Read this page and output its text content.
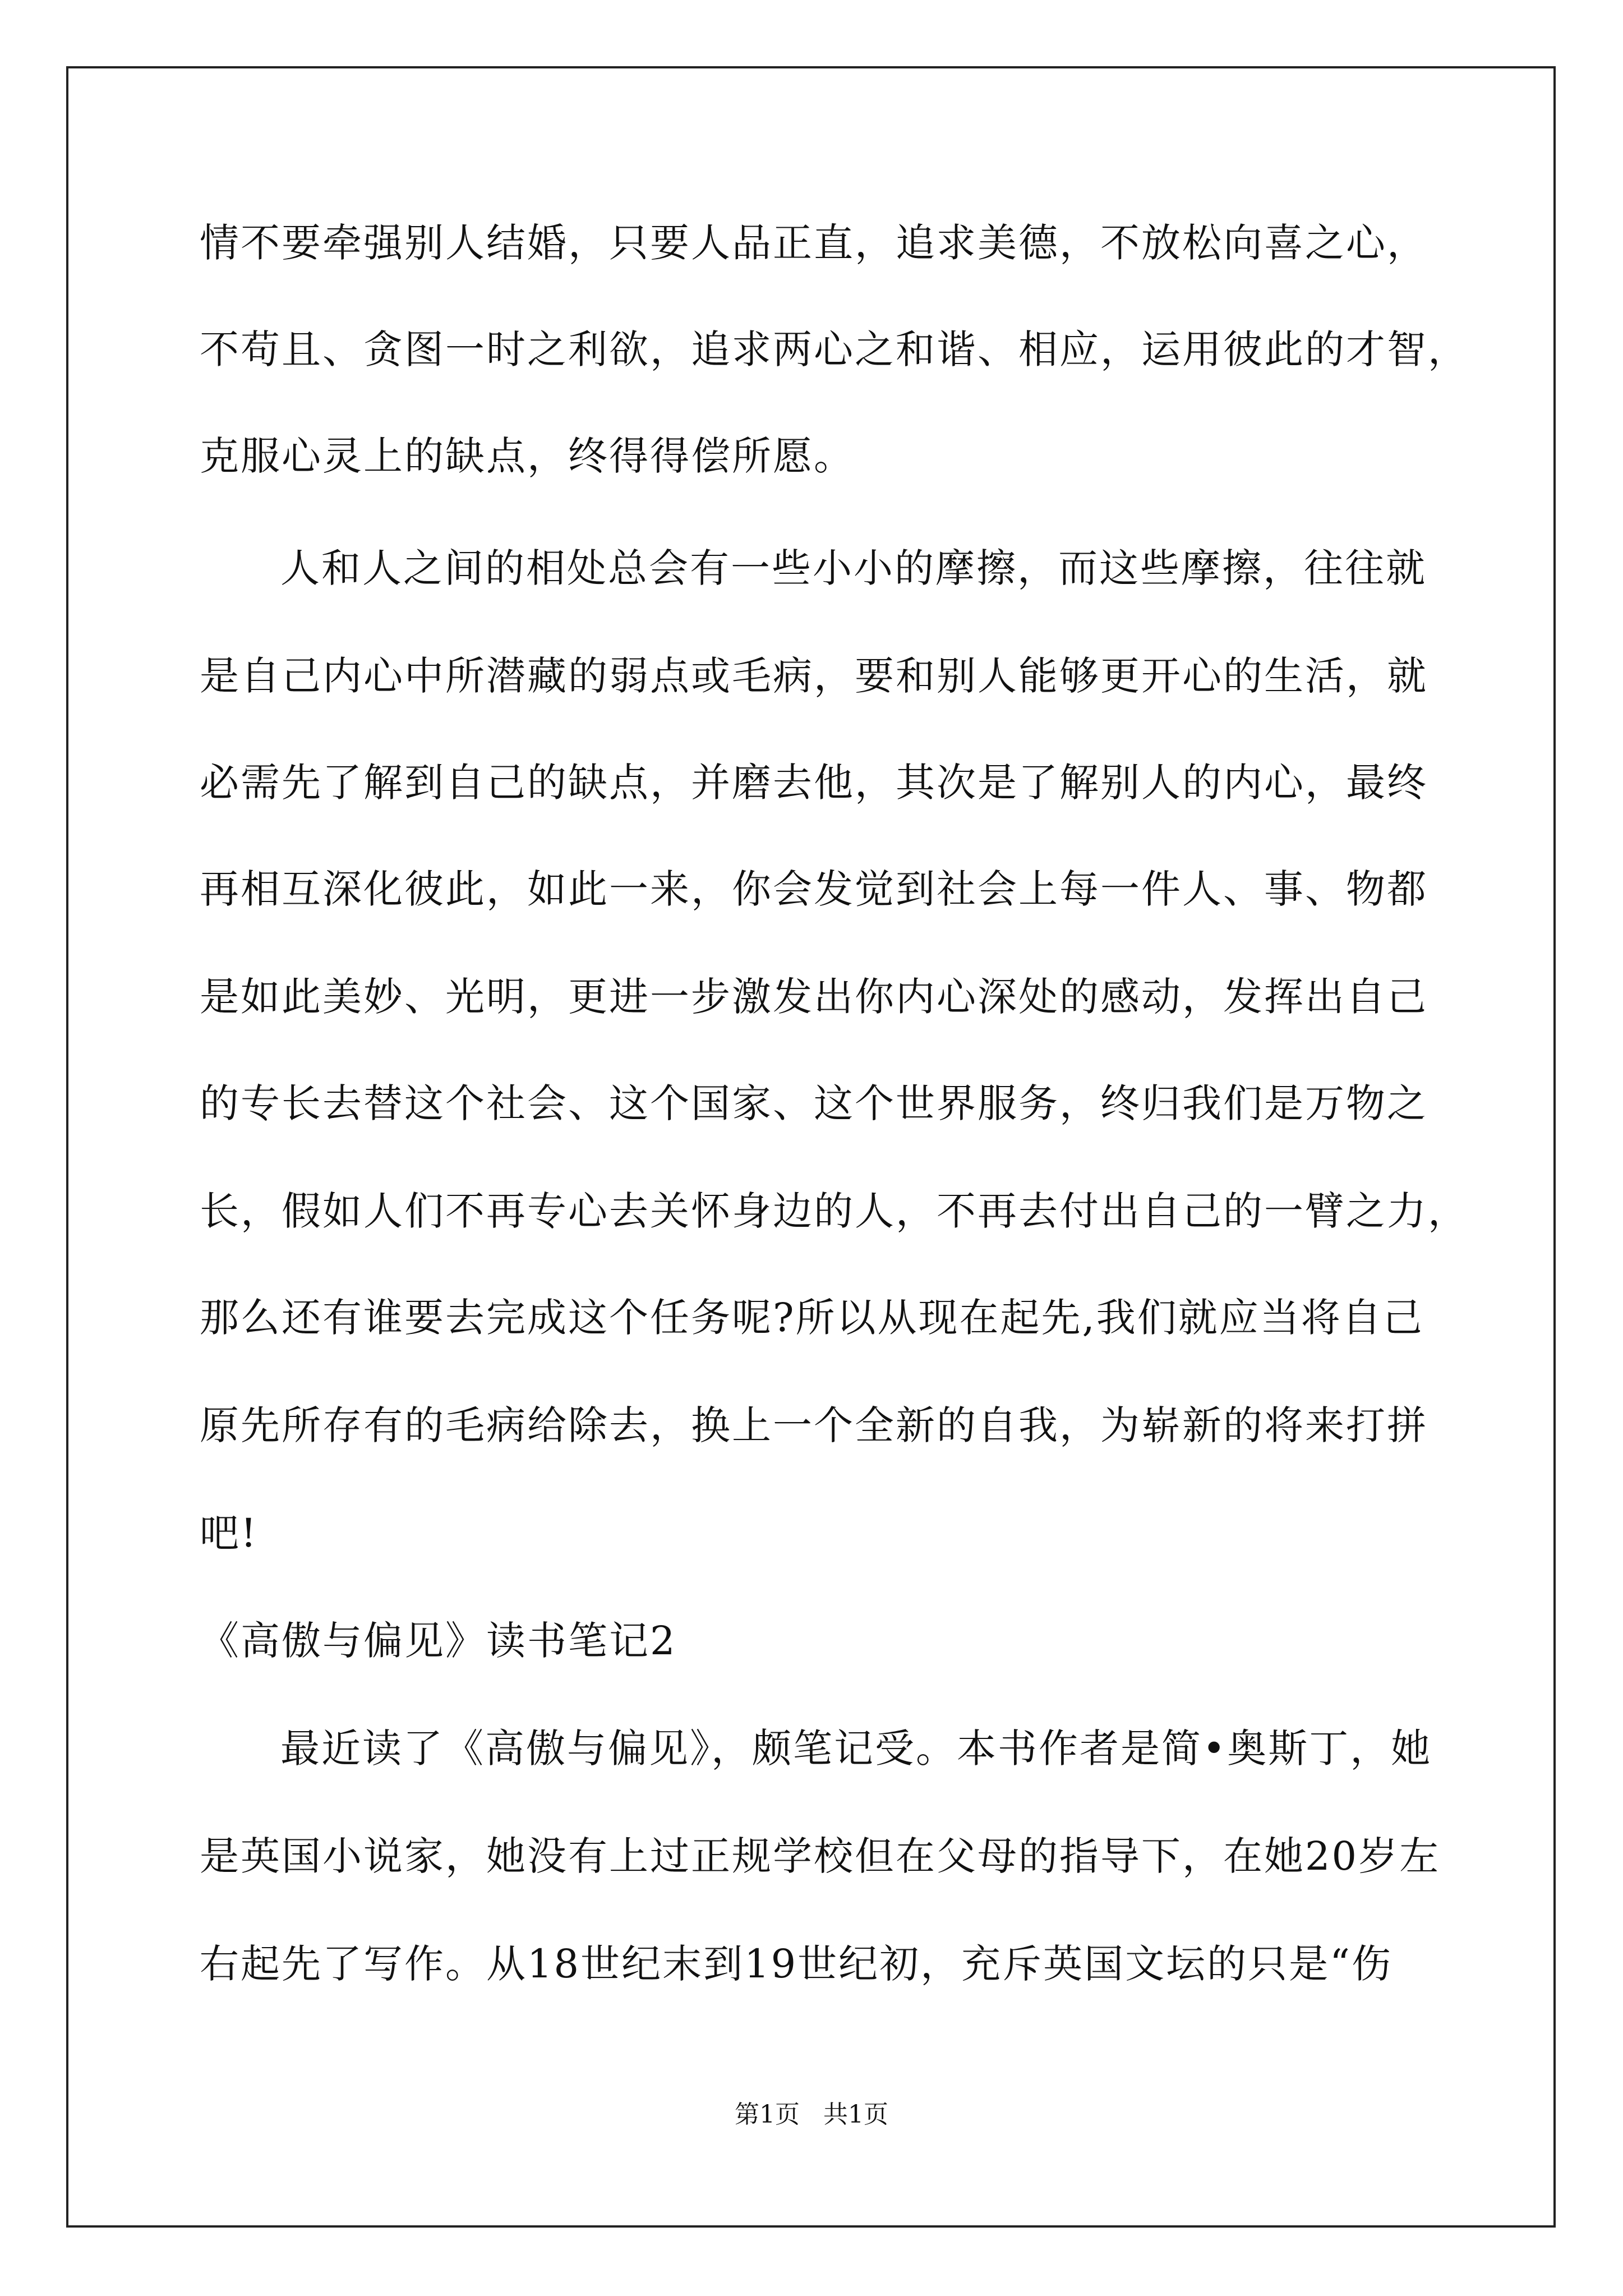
情不要牵强别人结婚，只要人品正直，追求美德，不放松向喜之心，
不苟且、贪图一时之利欲，追求两心之和谐、相应，运用彼此的才智，
克服心灵上的缺点，终得得偿所愿。
人和人之间的相处总会有一些小小的摩擦，而这些摩擦，往往就
是自己内心中所潜藏的弱点或毛病，要和别人能够更开心的生活，就
必需先了解到自己的缺点，并磨去他，其次是了解别人的内心，最终
再相互深化彼此，如此一来，你会发觉到社会上每一件人、事、物都
是如此美妙、光明，更进一步激发出你内心深处的感动，发挥出自己
的专长去替这个社会、这个国家、这个世界服务，终归我们是万物之
长，假如人们不再专心去关怀身边的人，不再去付出自己的一臂之力，
那么还有谁要去完成这个任务呢?所以从现在起先,我们就应当将自己
原先所存有的毛病给除去，换上一个全新的自我，为崭新的将来打拼
吧!
《高傲与偏见》读书笔记2
最近读了《高傲与偏见》，颇笔记受。本书作者是简•奥斯丁，她
是英国小说家，她没有上过正规学校但在父母的指导下，在她20岁左
右起先了写作。从18世纪末到19世纪初，充斥英国文坛的只是“伤
第1页   共1页
